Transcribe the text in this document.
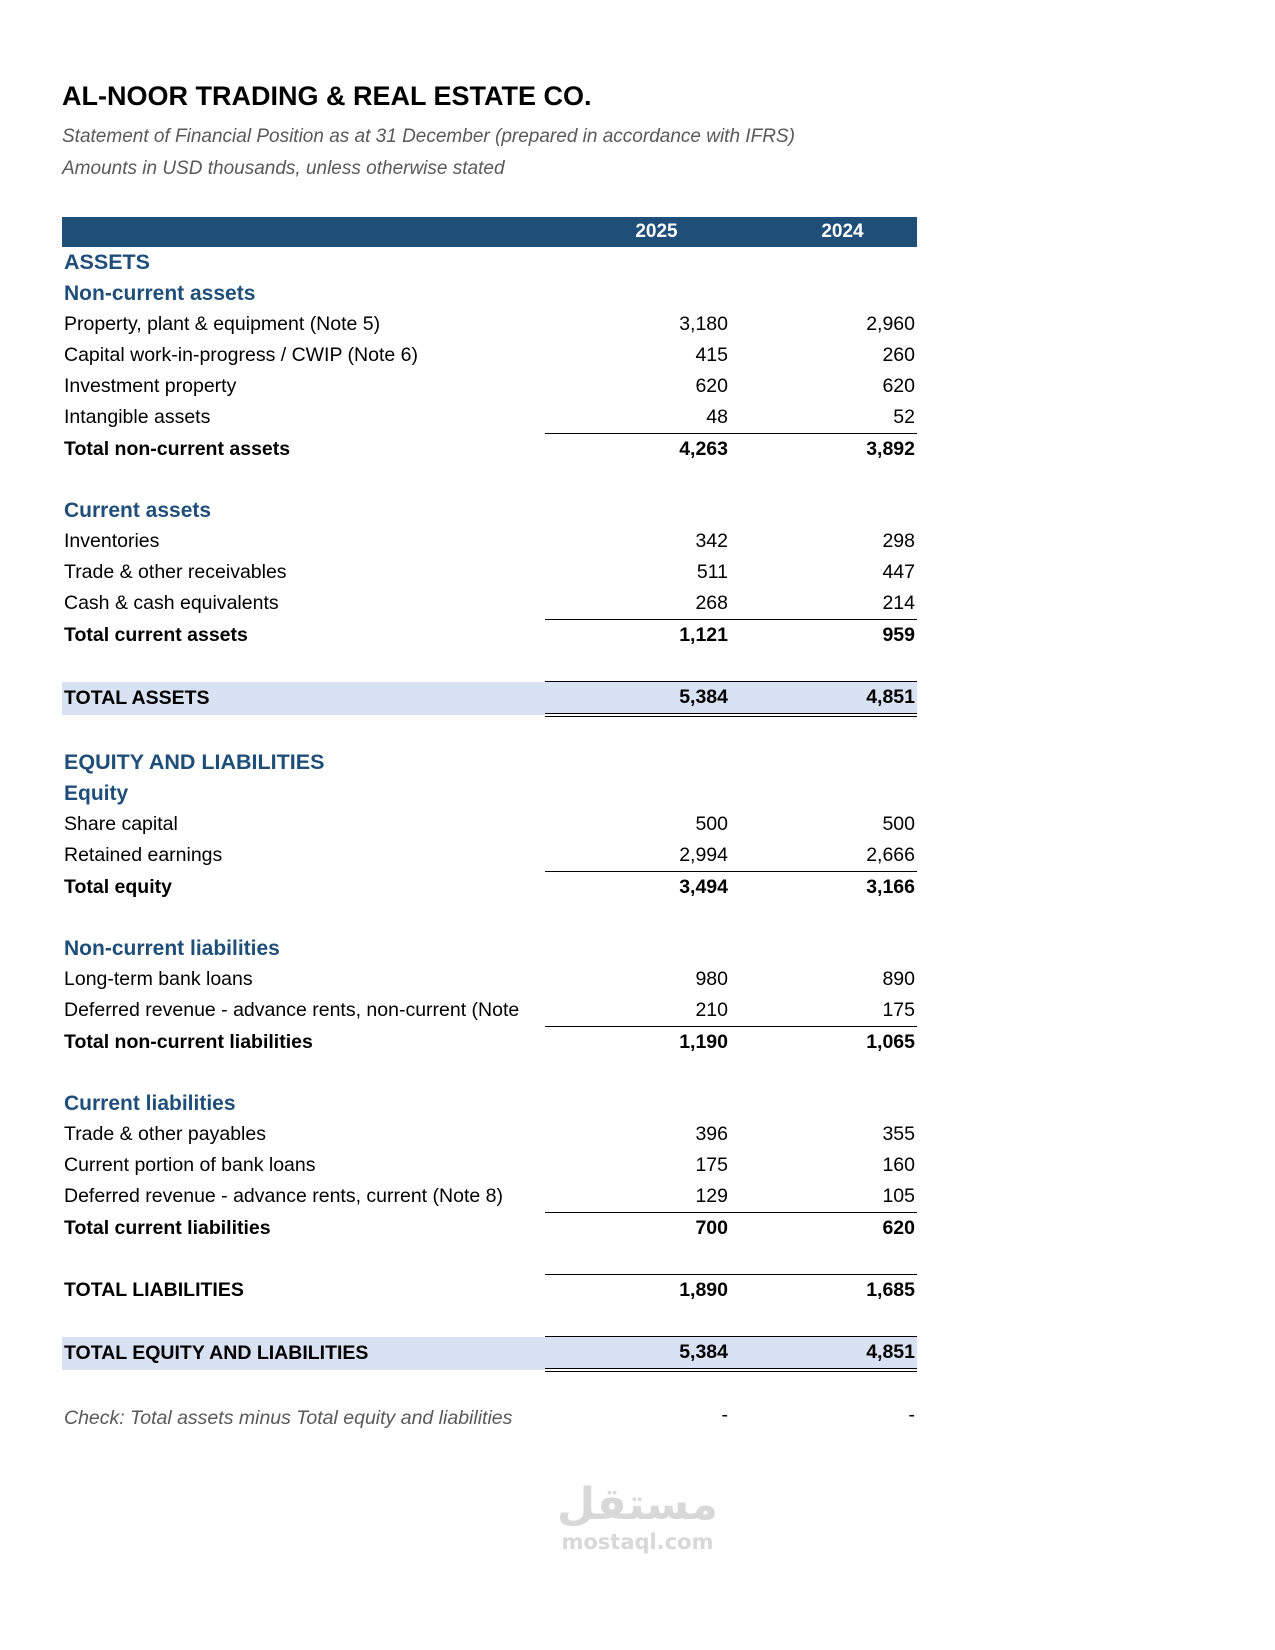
AL-NOOR TRADING & REAL ESTATE CO.
Statement of Financial Position as at 31 December (prepared in accordance with IFRS)
Amounts in USD thousands, unless otherwise stated
	2025	2024
ASSETS		
Non-current assets		
Property, plant & equipment (Note 5)	3,180	2,960
Capital work-in-progress / CWIP (Note 6)	415	260
Investment property	620	620
Intangible assets	48	52
Total non-current assets	4,263	3,892

Current assets		
Inventories	342	298
Trade & other receivables	511	447
Cash & cash equivalents	268	214
Total current assets	1,121	959

TOTAL ASSETS	5,384	4,851

EQUITY AND LIABILITIES		
Equity		
Share capital	500	500
Retained earnings	2,994	2,666
Total equity	3,494	3,166

Non-current liabilities		
Long-term bank loans	980	890
Deferred revenue - advance rents, non-current (Note	210	175
Total non-current liabilities	1,190	1,065

Current liabilities		
Trade & other payables	396	355
Current portion of bank loans	175	160
Deferred revenue - advance rents, current (Note 8)	129	105
Total current liabilities	700	620

TOTAL LIABILITIES	1,890	1,685

TOTAL EQUITY AND LIABILITIES	5,384	4,851

Check: Total assets minus Total equity and liabilities	-	-
مستقل
mostaql.com
